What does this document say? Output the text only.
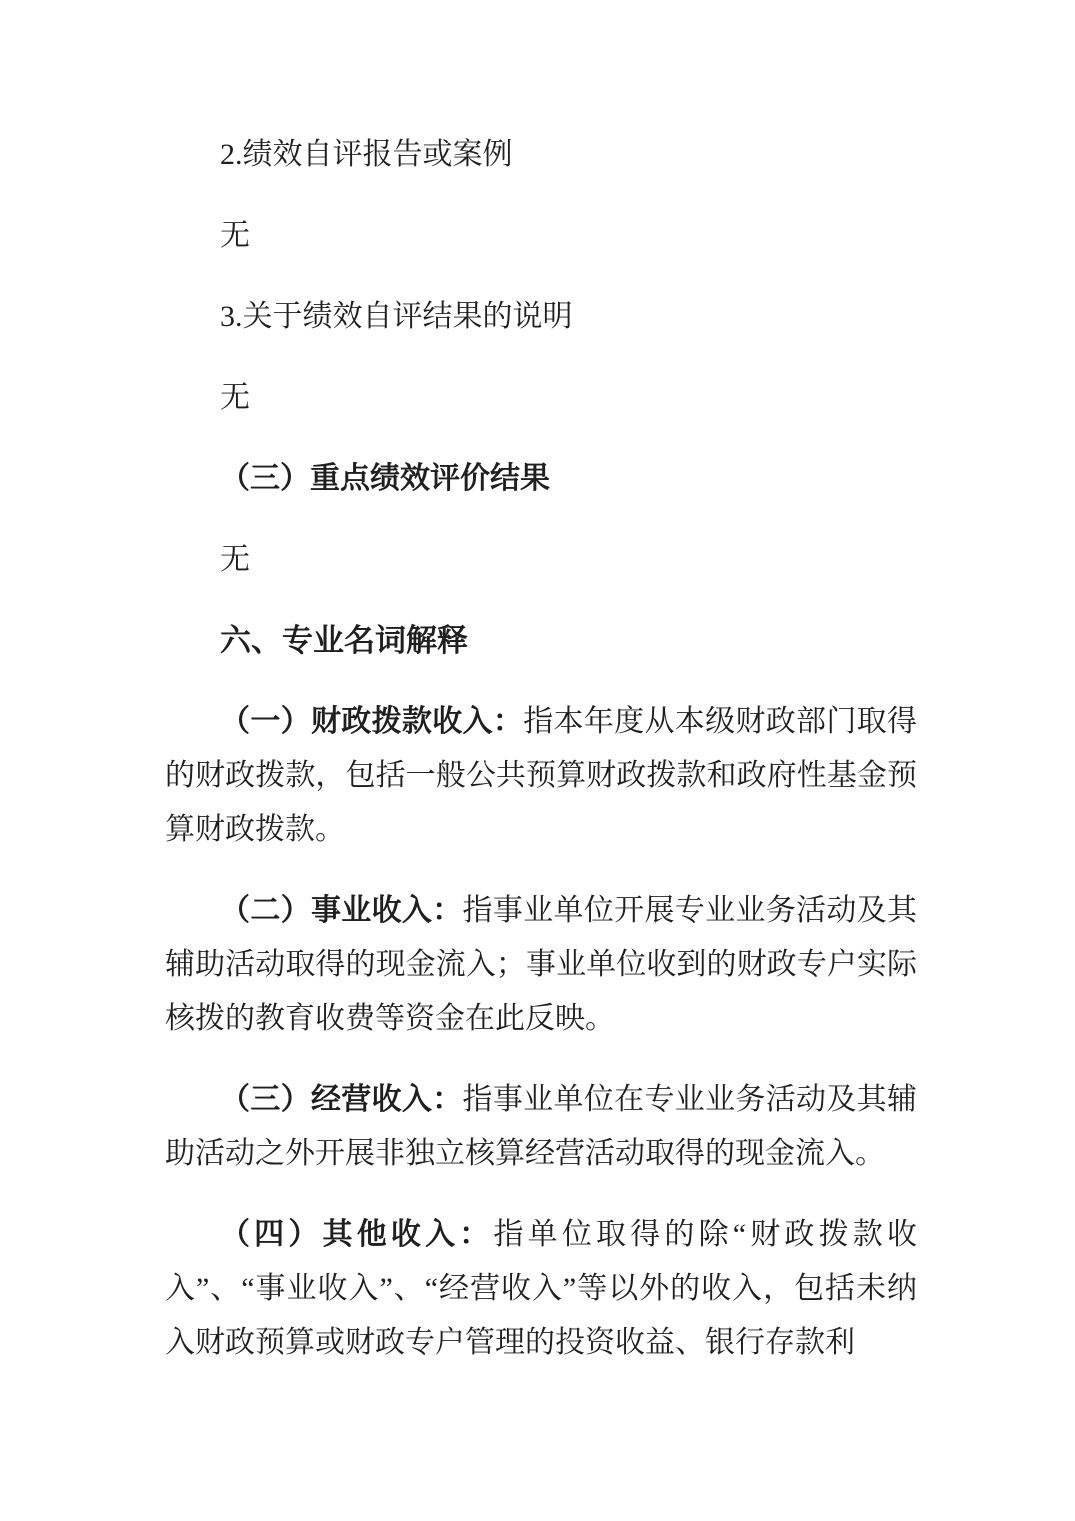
2.绩效自评报告或案例

无

3.关于绩效自评结果的说明

无

（三）重点绩效评价结果

无

六、专业名词解释

（一）财政拨款收入：指本年度从本级财政部门取得的财政拨款，包括一般公共预算财政拨款和政府性基金预算财政拨款。

（二）事业收入：指事业单位开展专业业务活动及其辅助活动取得的现金流入；事业单位收到的财政专户实际核拨的教育收费等资金在此反映。

（三）经营收入：指事业单位在专业业务活动及其辅助活动之外开展非独立核算经营活动取得的现金流入。

（四）其他收入：指单位取得的除“财政拨款收入”、“事业收入”、“经营收入”等以外的收入，包括未纳入财政预算或财政专户管理的投资收益、银行存款利
